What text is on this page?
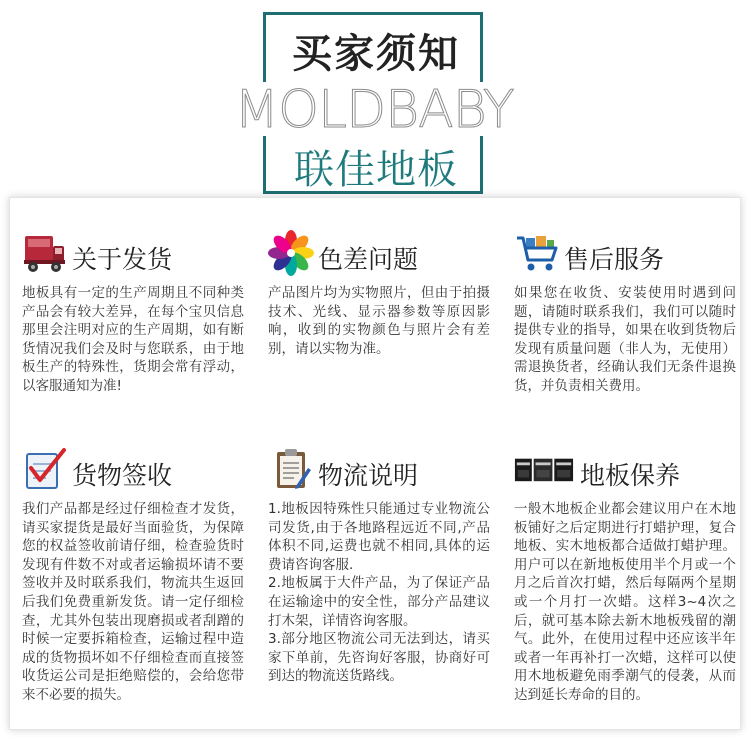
买家须知
MOLDBABY
联佳地板
关于发货

地板具有一定的生产周期且不同种类产品会有较大差异，在每个宝贝信息那里会注明对应的生产周期，如有断货情况我们会及时与您联系，由于地板生产的特殊性，货期会常有浮动，以客服通知为准!

色差问题

产品图片均为实物照片，但由于拍摄技术、光线、显示器参数等原因影响，收到的实物颜色与照片会有差别，请以实物为准。

售后服务

如果您在收货、安装使用时遇到问题，请随时联系我们，我们可以随时提供专业的指导，如果在收到货物后发现有质量问题（非人为，无使用）需退换货者，经确认我们无条件退换货，并负责相关费用。

货物签收

我们产品都是经过仔细检查才发货，请买家提货是最好当面验货，为保障您的权益签收前请仔细，检查验货时发现有件数不对或者运输损坏请不要签收并及时联系我们，物流共生返回后我们免费重新发货。请一定仔细检查，尤其外包装出现磨损或者刮蹭的时候一定要拆箱检查，运输过程中造成的货物损坏如不仔细检查而直接签收货运公司是拒绝赔偿的，会给您带来不必要的损失。

物流说明

1.地板因特殊性只能通过专业物流公司发货,由于各地路程远近不同,产品体积不同,运费也就不相同,具体的运费请咨询客服.

2.地板属于大件产品，为了保证产品在运输途中的安全性，部分产品建议打木架，详情咨询客服。

3.部分地区物流公司无法到达，请买家下单前，先咨询好客服，协商好可到达的物流送货路线。

地板保养

一般木地板企业都会建议用户在木地板铺好之后定期进行打蜡护理，复合地板、实木地板都合适做打蜡护理。用户可以在新地板使用半个月或一个月之后首次打蜡，然后每隔两个星期或一个月打一次蜡。这样3~4次之后，就可基本除去新木地板残留的潮气。此外，在使用过程中还应该半年或者一年再补打一次蜡，这样可以使用木地板避免雨季潮气的侵袭，从而达到延长寿命的目的。
